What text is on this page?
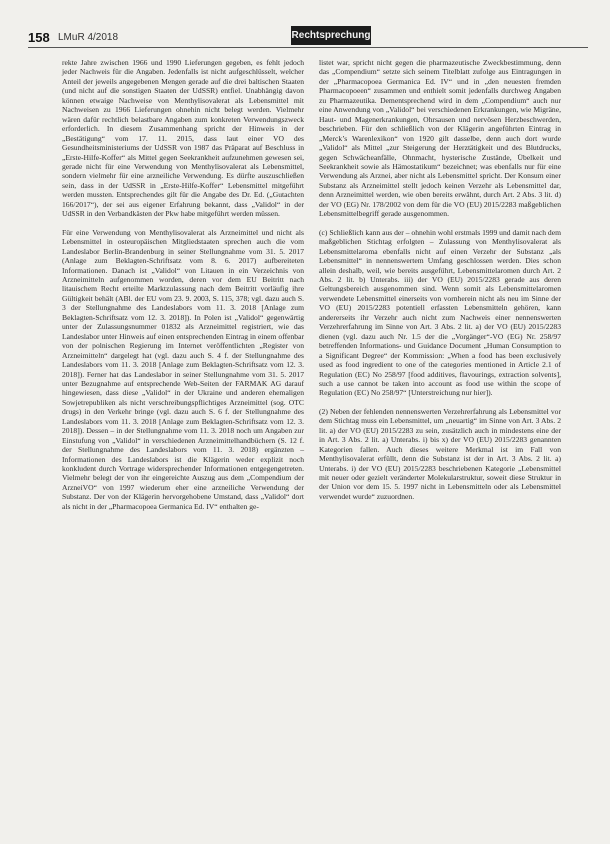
158 LMuR 4/2018	Rechtsprechung

rekte Jahre zwischen 1966 und 1990 Lieferungen gegeben, es fehlt jedoch jeder Nachweis für die Angaben. Jedenfalls ist nicht aufgeschlüsselt, welcher Anteil der jeweils angegebenen Mengen gerade auf die drei baltischen Staaten (und nicht auf die sonstigen Staaten der UdSSR) entfiel. Unabhängig davon können etwaige Nachweise von Menthylisovalerat als Lebensmittel mit Nachweisen zu 1966 Lieferungen ohnehin nicht belegt werden. Vielmehr wären dafür rechtlich belastbare Angaben zum konkreten Verwendungszweck erforderlich. In diesem Zusammenhang spricht der Hinweis in der „Bestätigung“ vom 17. 11. 2015, dass laut einer VO des Gesundheitsministeriums der UdSSR von 1987 das Präparat auf Beschluss in „Erste-Hilfe-Koffer“ als Mittel gegen Seekrankheit aufzunehmen gewesen sei, gerade nicht für eine Verwendung von Menthylisovalerat als Lebensmittel, sondern vielmehr für eine arzneiliche Verwendung. Es dürfte auszuschließen sein, dass in der UdSSR in „Erste-Hilfe-Koffer“ Lebensmittel mitgeführt werden mussten. Entsprechendes gilt für die Angabe des Dr. Ed. („Gutachten 166/2017“), der sei aus eigener Erfahrung bekannt, dass „Validol“ in der UdSSR in den Verbandkästen der Pkw habe mitgeführt werden müssen.

Für eine Verwendung von Menthylisovalerat als Arzneimittel und nicht als Lebensmittel in osteuropäischen Mitgliedstaaten sprechen auch die vom Landeslabor Berlin-Brandenburg in seiner Stellungnahme vom 31. 5. 2017 (Anlage zum Beklagten-Schriftsatz vom 8. 6. 2017) aufbereiteten Informationen. Danach ist „Validol“ von Litauen in ein Verzeichnis von Arzneimitteln aufgenommen worden, deren vor dem EU Beitritt nach litauischem Recht erteilte Marktzulassung nach dem Beitritt vorläufig ihre Gültigkeit behält (ABl. der EU vom 23. 9. 2003, S. 115, 378; vgl. dazu auch S. 3 der Stellungnahme des Landeslabors vom 11. 3. 2018 [Anlage zum Beklagten-Schriftsatz vom 12. 3. 2018]). In Polen ist „Validol“ gegenwärtig unter der Zulassungsnummer 01832 als Arzneimittel registriert, wie das Landeslabor unter Hinweis auf einen entsprechenden Eintrag in einem offenbar von der polnischen Regierung im Internet veröffentlichten „Register von Arzneimitteln“ dargelegt hat (vgl. dazu auch S. 4 f. der Stellungnahme des Landeslabors vom 11. 3. 2018 [Anlage zum Beklagten-Schriftsatz vom 12. 3. 2018]). Ferner hat das Landeslabor in seiner Stellungnahme vom 31. 5. 2017 unter Bezugnahme auf entsprechende Web-Seiten der FARMAK AG darauf hingewiesen, dass diese „Validol“ in der Ukraine und anderen ehemaligen Sowjetrepubliken als nicht verschreibungspflichtiges Arzneimittel (sog. OTC drugs) in den Verkehr bringe (vgl. dazu auch S. 6 f. der Stellungnahme des Landeslabors vom 11. 3. 2018 [Anlage zum Beklagten-Schriftsatz vom 12. 3. 2018]). Dessen – in der Stellungnahme vom 11. 3. 2018 noch um Angaben zur Einstufung von „Validol“ in verschiedenen Arzneimittelhandbüchern (S. 12 f. der Stellungnahme des Landeslabors vom 11. 3. 2018) ergänzten – Informationen des Landeslabors ist die Klägerin weder explizit noch konkludent durch Vortrage widersprechender Informationen entgegengetreten. Vielmehr belegt der von ihr eingereichte Auszug aus dem „Compendium der ArzneiVO“ von 1997 wiederum eher eine arzneiliche Verwendung der Substanz. Der von der Klägerin hervorgehobene Umstand, dass „Validol“ dort als nicht in der „Pharmacopoea Germanica Ed. IV“ enthalten ge-

listet war, spricht nicht gegen die pharmazeutische Zweckbestimmung, denn das „Compendium“ setzte sich seinem Titelblatt zufolge aus Eintragungen in der „Pharmacopoea Germanica Ed. IV“ und in „den neuesten fremden Pharmacopoeen“ zusammen und enthielt somit jedenfalls durchweg Angaben zu Pharmazeutika. Dementsprechend wird in dem „Compendium“ auch nur eine Anwendung von „Validol“ bei verschiedenen Erkrankungen, wie Migräne, Haut- und Magenerkrankungen, Ohrsausen und nervösen Herzbeschwerden, beschrieben. Für den schließlich von der Klägerin angeführten Eintrag in „Merck’s Warenlexikon“ von 1920 gilt dasselbe, denn auch dort wurde „Validol“ als Mittel „zur Steigerung der Herztätigkeit und des Blutdrucks, gegen Schwächeanfälle, Ohnmacht, hysterische Zustände, Übelkeit und Seekrankheit sowie als Hämostatikum“ bezeichnet; was ebenfalls nur für eine Verwendung als Arznei, aber nicht als Lebensmittel spricht. Der Konsum einer Substanz als Arzneimittel stellt jedoch keinen Verzehr als Lebensmittel dar, denn Arzneimittel werden, wie oben bereits erwähnt, durch Art. 2 Abs. 3 lit. d) der VO (EG) Nr. 178/2002 von dem für die VO (EU) 2015/2283 maßgeblichen Lebensmittelbegriff gerade ausgenommen.

(c) Schließlich kann aus der – ohnehin wohl erstmals 1999 und damit nach dem maßgeblichen Stichtag erfolgten – Zulassung von Menthylisovalerat als Lebensmittelaroma ebenfalls nicht auf einen Verzehr der Substanz „als Lebensmittel“ in nennenswertem Umfang geschlossen werden. Dies schon allein deshalb, weil, wie bereits ausgeführt, Lebensmittelaromen durch Art. 2 Abs. 2 lit. b) Unterabs. iii) der VO (EU) 2015/2283 gerade aus deren Geltungsbereich ausgenommen sind. Wenn somit als Lebensmittelaromen verwendete Lebensmittel einerseits von vornherein nicht als neu im Sinne der VO (EU) 2015/2283 potentiell erfassten Lebensmitteln gehören, kann andererseits ihr Verzehr auch nicht zum Nachweis einer nennenswerten Verzehrerfahrung im Sinne von Art. 3 Abs. 2 lit. a) der VO (EU) 2015/2283 dienen (vgl. dazu auch Nr. 1.5 der die „Vorgänger“-VO (EG) Nr. 258/97 betreffenden Informations- und Guidance Document „Human Consumption to a Significant Degree“ der Kommission: „When a food has been exclusively used as food ingredient to one of the categories mentioned in Article 2.1 of Regulation (EC) No 258/97 [food additives, flavourings, extraction solvents], such a use cannot be taken into account as food use within the scope of Regulation (EC) No 258/97“ [Unterstreichung nur hier]).

(2) Neben der fehlenden nennenswerten Verzehrerfahrung als Lebensmittel vor dem Stichtag muss ein Lebensmittel, um „neuartig“ im Sinne von Art. 3 Abs. 2 lit. a) der VO (EU) 2015/2283 zu sein, zusätzlich auch in mindestens eine der in Art. 3 Abs. 2 lit. a) Unterabs. i) bis x) der VO (EU) 2015/2283 genannten Kategorien fallen. Auch dieses weitere Merkmal ist im Fall von Menthylisovalerat erfüllt, denn die Substanz ist der in Art. 3 Abs. 2 lit. a) Unterabs. i) der VO (EU) 2015/2283 beschriebenen Kategorie „Lebensmittel mit neuer oder gezielt veränderter Molekularstruktur, soweit diese Struktur in der Union vor dem 15. 5. 1997 nicht in Lebensmitteln oder als Lebensmittel verwendet wurde“ zuzuordnen.
